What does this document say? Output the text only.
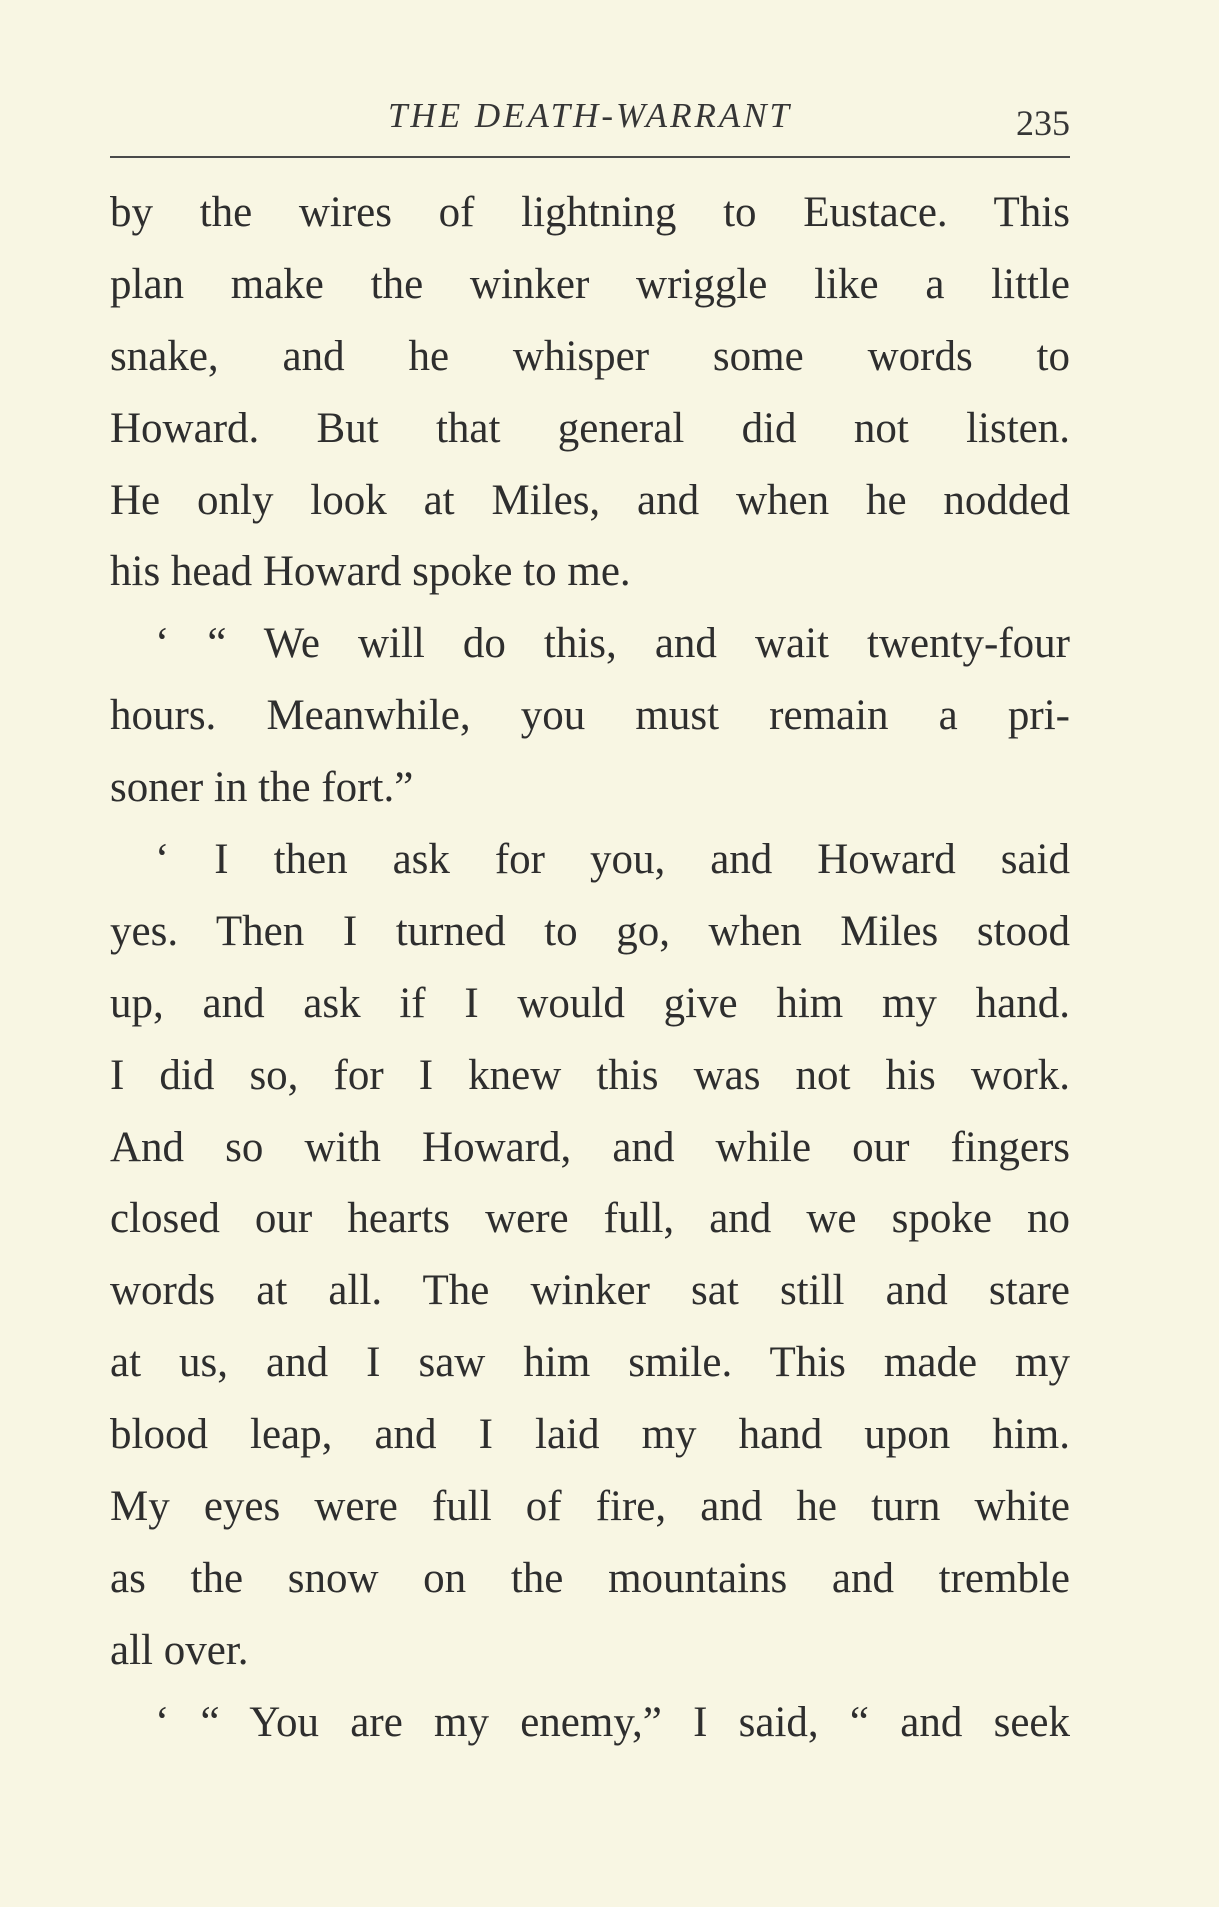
THE DEATH-WARRANT	235
by the wires of lightning to Eustace. This
plan make the winker wriggle like a little
snake, and he whisper some words to
Howard. But that general did not listen.
He only look at Miles, and when he nodded
his head Howard spoke to me.
‘ “ We will do this, and wait twenty-four
hours. Meanwhile, you must remain a pri-
soner in the fort.”
‘ I then ask for you, and Howard said
yes. Then I turned to go, when Miles stood
up, and ask if I would give him my hand.
I did so, for I knew this was not his work.
And so with Howard, and while our fingers
closed our hearts were full, and we spoke no
words at all. The winker sat still and stare
at us, and I saw him smile. This made my
blood leap, and I laid my hand upon him.
My eyes were full of fire, and he turn white
as the snow on the mountains and tremble
all over.
‘ “ You are my enemy,” I said, “ and seek
